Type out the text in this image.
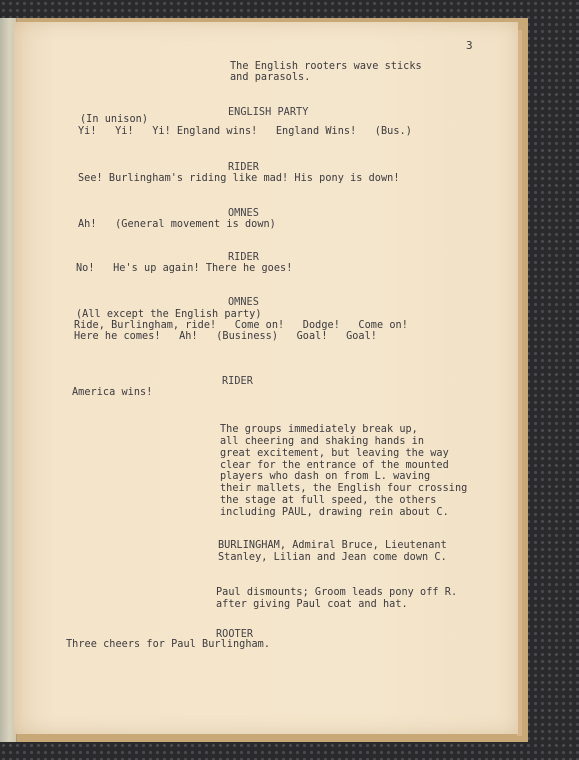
3

The English rooters wave sticks

and parasols.

ENGLISH PARTY

(In unison)

Yi!   Yi!   Yi! England wins!   England Wins!   (Bus.)

RIDER

See! Burlingham's riding like mad! His pony is down!

OMNES

Ah!   (General movement is down)

RIDER

No!   He's up again! There he goes!

OMNES

(All except the English party)

Ride, Burlingham, ride!   Come on!   Dodge!   Come on!

Here he comes!   Ah!   (Business)   Goal!   Goal!

RIDER

America wins!

The groups immediately break up,

all cheering and shaking hands in

great excitement, but leaving the way

clear for the entrance of the mounted

players who dash on from L. waving

their mallets, the English four crossing

the stage at full speed, the others

including PAUL, drawing rein about C.

BURLINGHAM, Admiral Bruce, Lieutenant

Stanley, Lilian and Jean come down C.

Paul dismounts; Groom leads pony off R.

after giving Paul coat and hat.

ROOTER

Three cheers for Paul Burlingham.
